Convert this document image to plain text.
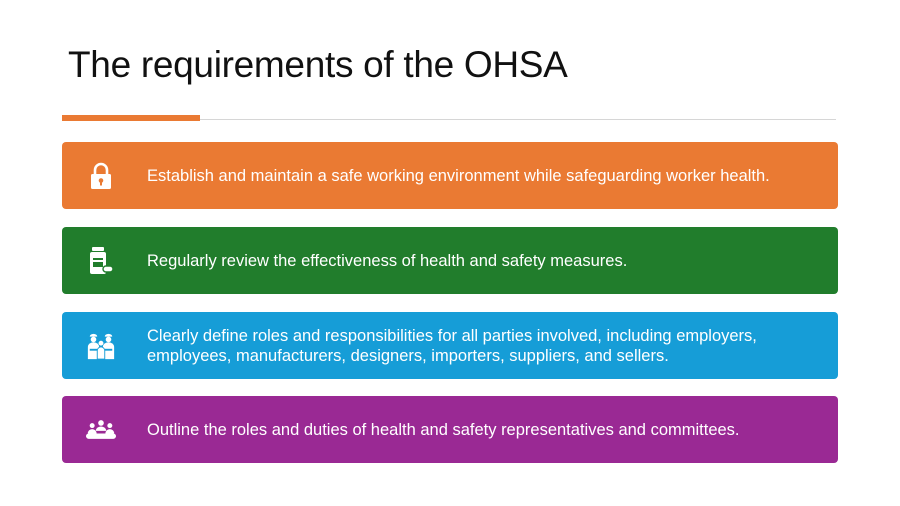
The requirements of the OHSA
Establish and maintain a safe working environment while safeguarding worker health.
Regularly review the effectiveness of health and safety measures.
Clearly define roles and responsibilities for all parties involved, including employers, employees, manufacturers, designers, importers, suppliers, and sellers.
Outline the roles and duties of health and safety representatives and committees.
